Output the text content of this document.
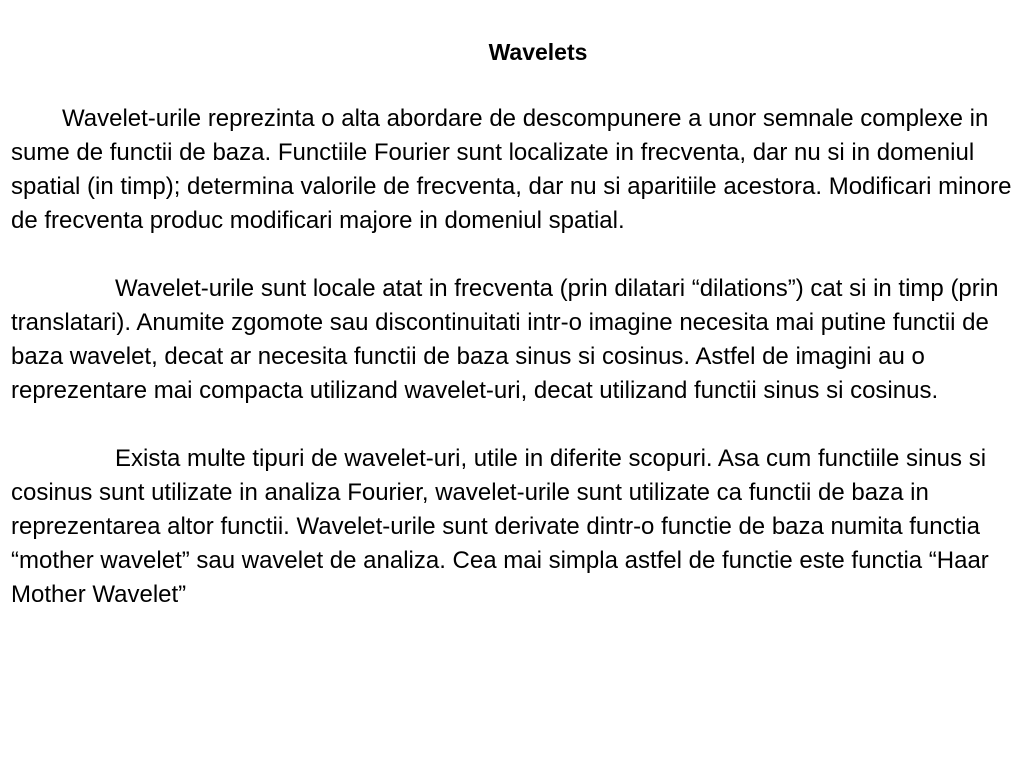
Wavelets

Wavelet-urile reprezinta o alta abordare de descompunere a unor semnale complexe in sume de functii de baza. Functiile Fourier sunt localizate in frecventa, dar nu si in domeniul spatial (in timp); determina valorile de frecventa, dar nu si aparitiile acestora. Modificari minore de frecventa produc modificari majore in domeniul spatial.

Wavelet-urile sunt locale atat in frecventa (prin dilatari “dilations”) cat si in timp (prin translatari). Anumite zgomote sau discontinuitati intr-o imagine necesita mai putine functii de baza wavelet, decat ar necesita functii de baza sinus si cosinus. Astfel de imagini au o reprezentare mai compacta utilizand wavelet-uri, decat utilizand functii sinus si cosinus.

Exista multe tipuri de wavelet-uri, utile in diferite scopuri. Asa cum functiile sinus si cosinus sunt utilizate in analiza Fourier, wavelet-urile sunt utilizate ca functii de baza in reprezentarea altor functii. Wavelet-urile sunt derivate dintr-o functie de baza numita functia “mother wavelet” sau wavelet de analiza. Cea mai simpla astfel de functie este functia “Haar Mother Wavelet”
